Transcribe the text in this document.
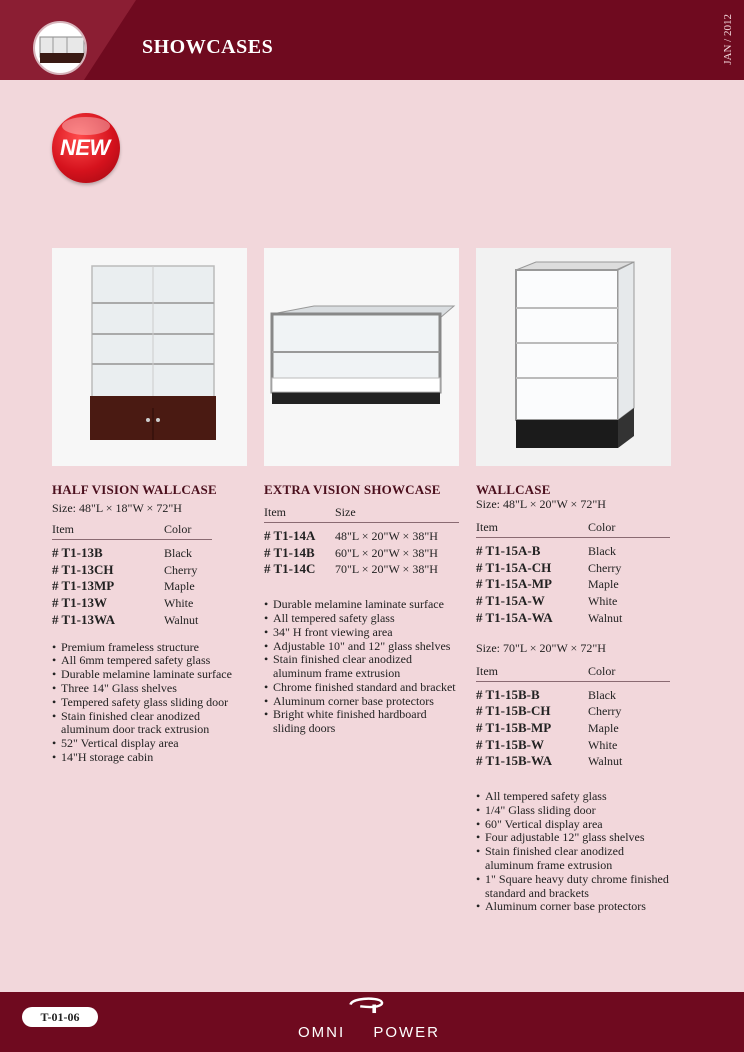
SHOWCASES	JAN / 2012
NEW
HALF VISION WALLCASE
Size: 48"L × 18"W × 72"H
Item	Color
# T1-13B	Black
# T1-13CH	Cherry
# T1-13MP	Maple
# T1-13W	White
# T1-13WA	Walnut
• Premium frameless structure
• All 6mm tempered safety glass
• Durable melamine laminate surface
• Three 14" Glass shelves
• Tempered safety glass sliding door
• Stain finished clear anodized aluminum door track extrusion
• 52" Vertical display area
• 14"H storage cabin
EXTRA VISION SHOWCASE
Item	Size
# T1-14A	48"L × 20"W × 38"H
# T1-14B	60"L × 20"W × 38"H
# T1-14C	70"L × 20"W × 38"H
• Durable melamine laminate surface
• All tempered safety glass
• 34" H front viewing area
• Adjustable 10" and 12" glass shelves
• Stain finished clear anodized aluminum frame extrusion
• Chrome finished standard and bracket
• Aluminum corner base protectors
• Bright white finished hardboard sliding doors
WALLCASE
Size: 48"L × 20"W × 72"H
Item	Color
# T1-15A-B	Black
# T1-15A-CH	Cherry
# T1-15A-MP	Maple
# T1-15A-W	White
# T1-15A-WA	Walnut
Size: 70"L × 20"W × 72"H
Item	Color
# T1-15B-B	Black
# T1-15B-CH	Cherry
# T1-15B-MP	Maple
# T1-15B-W	White
# T1-15B-WA	Walnut
• All tempered safety glass
• 1/4" Glass sliding door
• 60" Vertical display area
• Four adjustable 12" glass shelves
• Stain finished clear anodized aluminum frame extrusion
• 1" Square heavy duty chrome finished standard and brackets
• Aluminum corner base protectors
T-01-06
OMNI POWER
